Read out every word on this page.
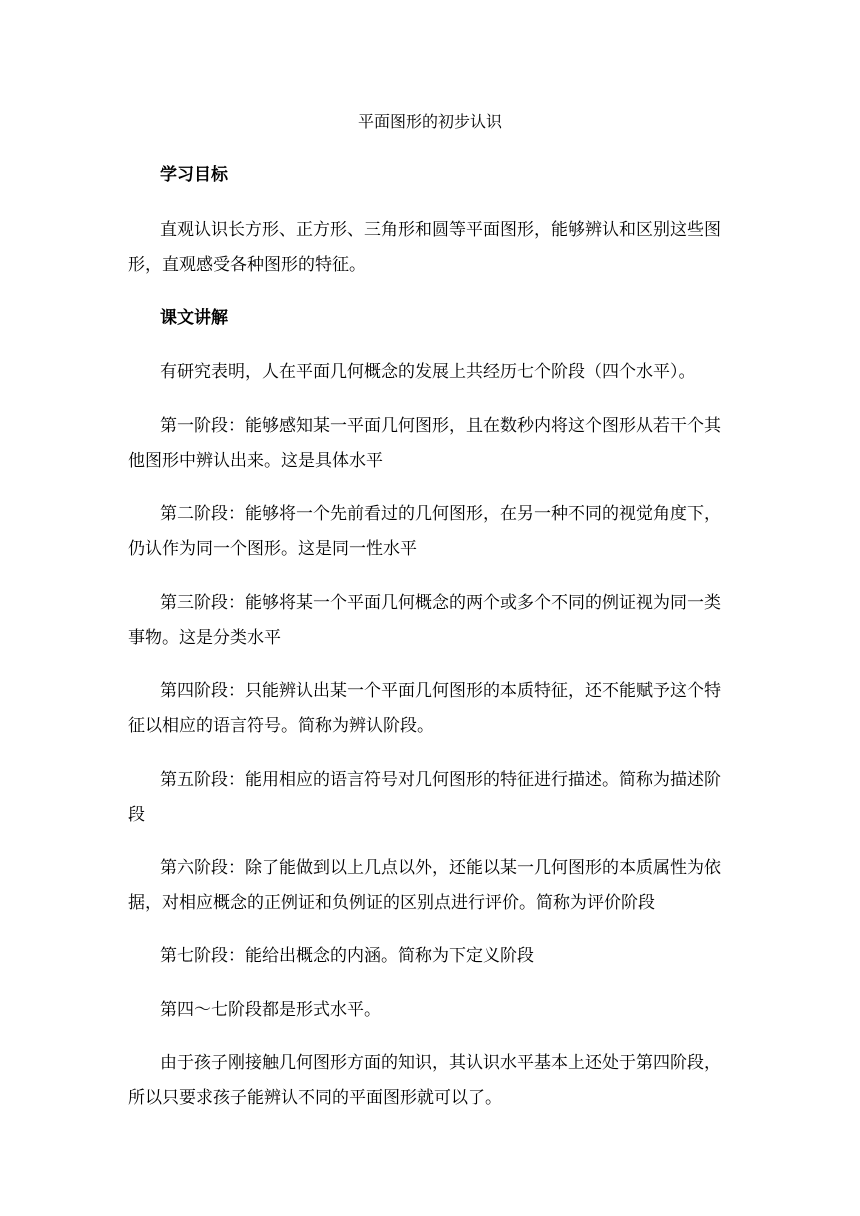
平面图形的初步认识
学习目标
直观认识长方形、正方形、三角形和圆等平面图形，能够辨认和区别这些图
形，直观感受各种图形的特征。
课文讲解
有研究表明，人在平面几何概念的发展上共经历七个阶段（四个水平）。
第一阶段：能够感知某一平面几何图形，且在数秒内将这个图形从若干个其
他图形中辨认出来。这是具体水平
第二阶段：能够将一个先前看过的几何图形，在另一种不同的视觉角度下，
仍认作为同一个图形。这是同一性水平
第三阶段：能够将某一个平面几何概念的两个或多个不同的例证视为同一类
事物。这是分类水平
第四阶段：只能辨认出某一个平面几何图形的本质特征，还不能赋予这个特
征以相应的语言符号。简称为辨认阶段。
第五阶段：能用相应的语言符号对几何图形的特征进行描述。简称为描述阶
段
第六阶段：除了能做到以上几点以外，还能以某一几何图形的本质属性为依
据，对相应概念的正例证和负例证的区别点进行评价。简称为评价阶段
第七阶段：能给出概念的内涵。简称为下定义阶段
第四～七阶段都是形式水平。
由于孩子刚接触几何图形方面的知识，其认识水平基本上还处于第四阶段，
所以只要求孩子能辨认不同的平面图形就可以了。
